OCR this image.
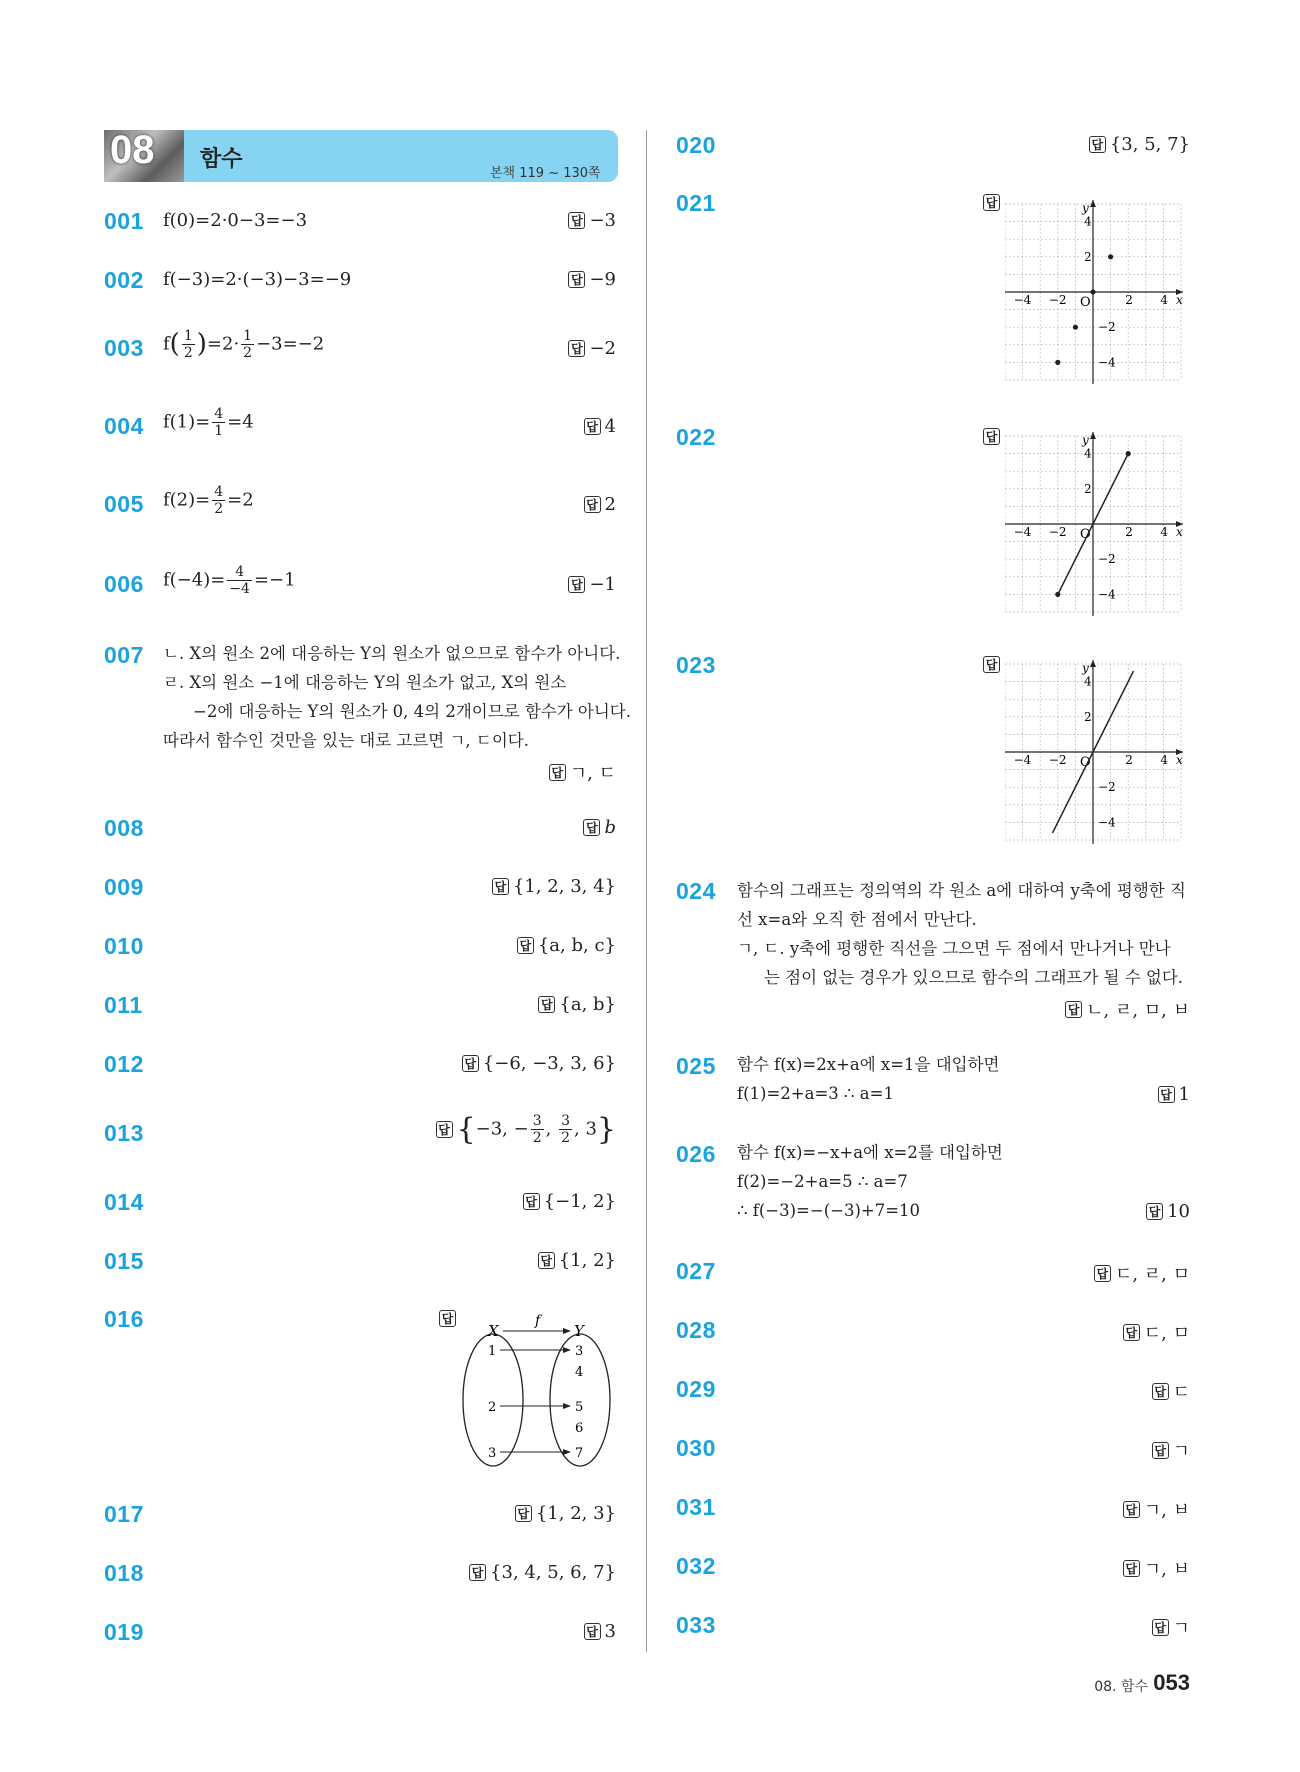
08	함수
본책 119 ~ 130쪽
001 f(0)=2·0−3=−3	답 −3
002 f(−3)=2·(−3)−3=−9	답 −9
003 $f( \frac{1}{2} )=2\cdot \frac{1}{2} -3=-2$	답 −2
004 $f(1)= \frac{4}{1} =4$	답 4
005 $f(2)= \frac{4}{2} =2$	답 2
006 $f(-4)= \frac{4}{-4} =-1$	답 −1
007 ㄴ. X의 원소 2에 대응하는 Y의 원소가 없으므로 함수가 아니다.
ㄹ. X의 원소 −1에 대응하는 Y의 원소가 없고, X의 원소
−2에 대응하는 Y의 원소가 0, 4의 2개이므로 함수가 아니다.
따라서 함수인 것만을 있는 대로 고르면 ㄱ, ㄷ이다.
답 ㄱ, ㄷ
008	답 b
009	답 {1, 2, 3, 4}
010	답 {a, b, c}
011	답 {a, b}
012	답 {−6, −3, 3, 6}
013	답 {−3, − $\frac{3}{2}$ , $\frac{3}{2}$ , 3}
014	답 {−1, 2}
015	답 {1, 2}
016	답
X	Y
f
1
2
3
3
4
5
6
7
017	답 {1, 2, 3}
018	답 {3, 4, 5, 6, 7}
019	답 3
020	답 {3, 5, 7}
021	답	y
x
O
4
2
−2
−4
−4 −2	2 4
022	답	y
x
O
4
2
−2
−4
−4 −2	2 4
023	답	y
x
O
4
2
−2
−4
−4 −2	2 4
024 함수의 그래프는 정의역의 각 원소 a에 대하여 y축에 평행한 직
선 x=a와 오직 한 점에서 만난다.
ㄱ, ㄷ. y축에 평행한 직선을 그으면 두 점에서 만나거나 만나
는 점이 없는 경우가 있으므로 함수의 그래프가 될 수 없다.
답 ㄴ, ㄹ, ㅁ, ㅂ
025 함수 f(x)=2x+a에 x=1을 대입하면
f(1)=2+a=3 ∴ a=1	답 1
026 함수 f(x)=−x+a에 x=2를 대입하면
f(2)=−2+a=5 ∴ a=7
∴ f(−3)=−(−3)+7=10	답 10
027	답 ㄷ, ㄹ, ㅁ
028	답 ㄷ, ㅁ
029	답 ㄷ
030	답 ㄱ
031	답 ㄱ, ㅂ
032	답 ㄱ, ㅂ
033	답 ㄱ
08. 함수 053
